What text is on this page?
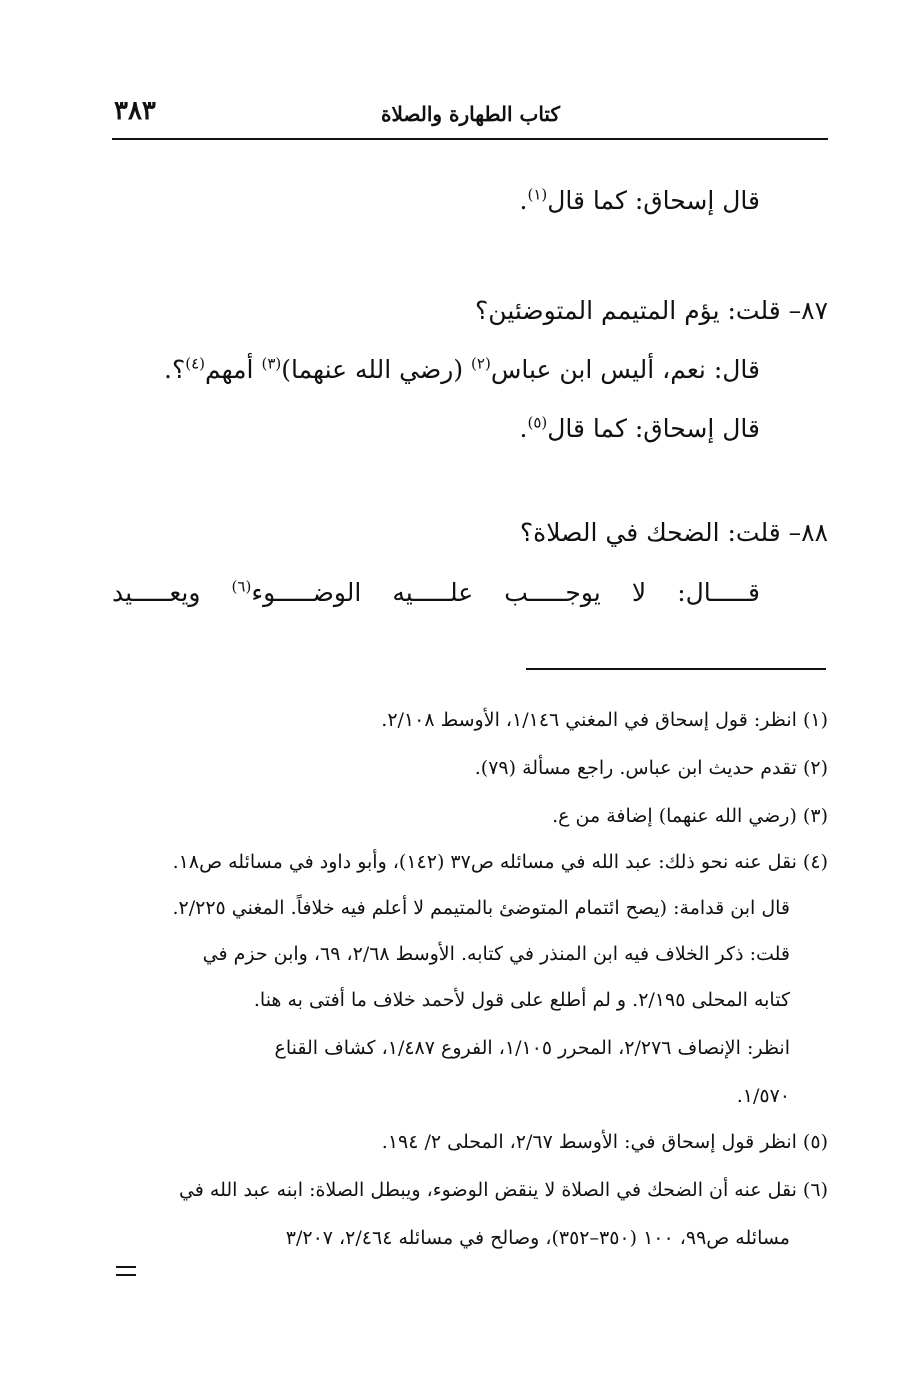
كتاب الطهارة والصلاة
٣٨٣
قال إسحاق: كما قال$^{(١)}$.
٨٧– قلت: يؤم المتيمم المتوضئين؟
قال: نعم، أليس ابن عباس$^{(٢)}$ (رضي الله عنهما)$^{(٣)}$ أمهم$^{(٤)}$؟.
قال إسحاق: كما قال$^{(٥)}$.
٨٨– قلت: الضحك في الصلاة؟
قـــــال:
لا
يوجـــــب
علـــــيه
الوضـــــوء$^{(٦)}$
ويعـــــيد
(١) انظر: قول إسحاق في المغني ١/١٤٦، الأوسط ٢/١٠٨.
(٢) تقدم حديث ابن عباس. راجع مسألة (٧٩).
(٣) (رضي الله عنهما) إضافة من ع.
(٤) نقل عنه نحو ذلك: عبد الله في مسائله ص٣٧ (١٤٢)، وأبو داود في مسائله ص١٨.
قال ابن قدامة: (يصح ائتمام المتوضئ بالمتيمم لا أعلم فيه خلافاً. المغني ٢/٢٢٥.
قلت: ذكر الخلاف فيه ابن المنذر في كتابه. الأوسط ٢/٦٨، ٦٩، وابن حزم في
كتابه المحلى ٢/١٩٥. و لم أطلع على قول لأحمد خلاف ما أفتى به هنا.
انظر: الإنصاف ٢/٢٧٦، المحرر ١/١٠٥، الفروع ١/٤٨٧، كشاف القناع
١/٥٧٠.
(٥) انظر قول إسحاق في: الأوسط ٢/٦٧، المحلى ٢/ ١٩٤.
(٦) نقل عنه أن الضحك في الصلاة لا ينقض الوضوء، ويبطل الصلاة: ابنه عبد الله في
مسائله ص٩٩، ١٠٠ (٣٥٠–٣٥٢)، وصالح في مسائله ٢/٤٦٤، ٣/٢٠٧
